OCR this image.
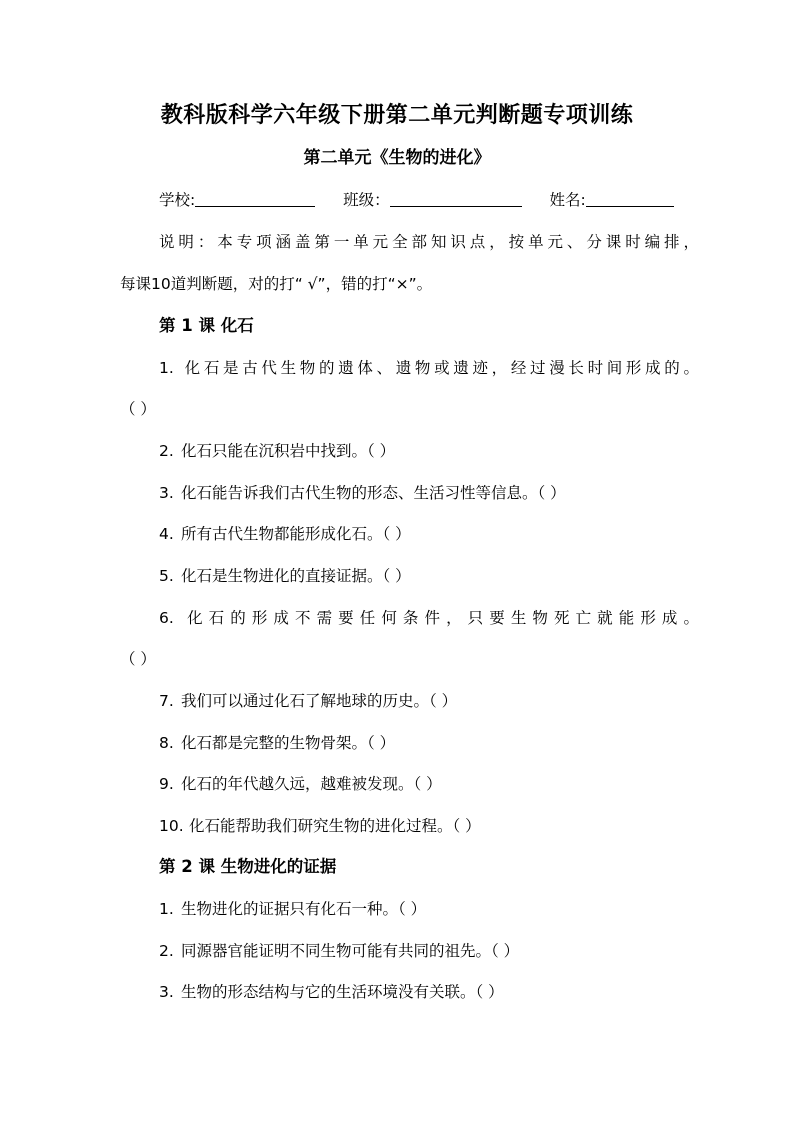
教科版科学六年级下册第二单元判断题专项训练
第二单元《生物的进化》
学校:	班级：	姓名:
说明：本专项涵盖第一单元全部知识点，按单元、分课时编排，
每课10道判断题，对的打“ √”，错的打“×”。
第 1 课 化石
1. 化石是古代生物的遗体、遗物或遗迹，经过漫长时间形成的。
（ ）
2. 化石只能在沉积岩中找到。（ ）
3. 化石能告诉我们古代生物的形态、生活习性等信息。（ ）
4. 所有古代生物都能形成化石。（ ）
5. 化石是生物进化的直接证据。（ ）
6. 化石的形成不需要任何条件，只要生物死亡就能形成。
（ ）
7. 我们可以通过化石了解地球的历史。（ ）
8. 化石都是完整的生物骨架。（ ）
9. 化石的年代越久远，越难被发现。（ ）
10. 化石能帮助我们研究生物的进化过程。（ ）
第 2 课 生物进化的证据
1. 生物进化的证据只有化石一种。（ ）
2. 同源器官能证明不同生物可能有共同的祖先。（ ）
3. 生物的形态结构与它的生活环境没有关联。（ ）
